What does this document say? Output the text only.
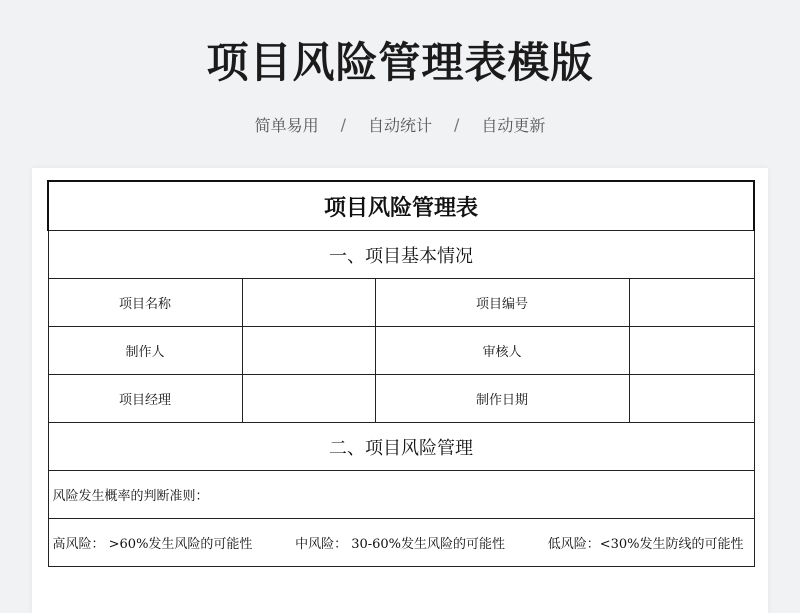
项目风险管理表模版
简单易用 / 自动统计 / 自动更新
项目风险管理表			
一、项目基本情况			
项目名称		项目编号	
制作人		审核人	
项目经理		制作日期	
二、项目风险管理			
风险发生概率的判断准则：			

高风险： >60%发生风险的可能性 中风险： 30-60%发生风险的可能性 低风险：<30%发生防线的可能性			
